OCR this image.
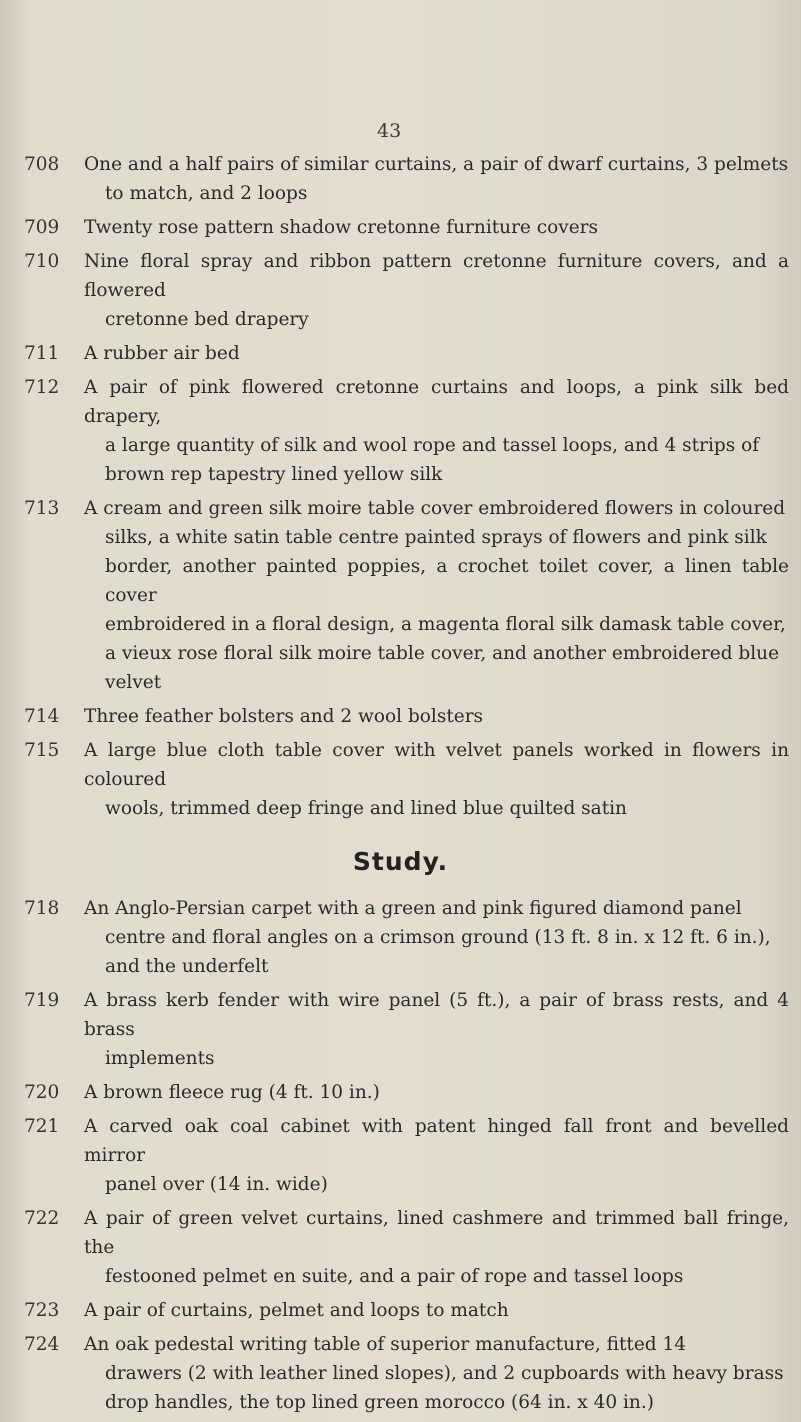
43
708 One and a half pairs of similar curtains, a pair of dwarf curtains, 3 pelmets
to match, and 2 loops
709 Twenty rose pattern shadow cretonne furniture covers
710 Nine floral spray and ribbon pattern cretonne furniture covers, and a flowered
cretonne bed drapery
711 A rubber air bed
712 A pair of pink flowered cretonne curtains and loops, a pink silk bed drapery,
a large quantity of silk and wool rope and tassel loops, and 4 strips of
brown rep tapestry lined yellow silk
713 A cream and green silk moire table cover embroidered flowers in coloured
silks, a white satin table centre painted sprays of flowers and pink silk
border, another painted poppies, a crochet toilet cover, a linen table cover
embroidered in a floral design, a magenta floral silk damask table cover,
a vieux rose floral silk moire table cover, and another embroidered blue
velvet
714 Three feather bolsters and 2 wool bolsters
715 A large blue cloth table cover with velvet panels worked in flowers in coloured
wools, trimmed deep fringe and lined blue quilted satin
Study.
718 An Anglo-Persian carpet with a green and pink figured diamond panel
centre and floral angles on a crimson ground (13 ft. 8 in. x 12 ft. 6 in.),
and the underfelt
719 A brass kerb fender with wire panel (5 ft.), a pair of brass rests, and 4 brass
implements
720 A brown fleece rug (4 ft. 10 in.)
721 A carved oak coal cabinet with patent hinged fall front and bevelled mirror
panel over (14 in. wide)
722 A pair of green velvet curtains, lined cashmere and trimmed ball fringe, the
festooned pelmet en suite, and a pair of rope and tassel loops
723 A pair of curtains, pelmet and loops to match
724 An oak pedestal writing table of superior manufacture, fitted 14
drawers (2 with leather lined slopes), and 2 cupboards with heavy brass
drop handles, the top lined green morocco (64 in. x 40 in.)
